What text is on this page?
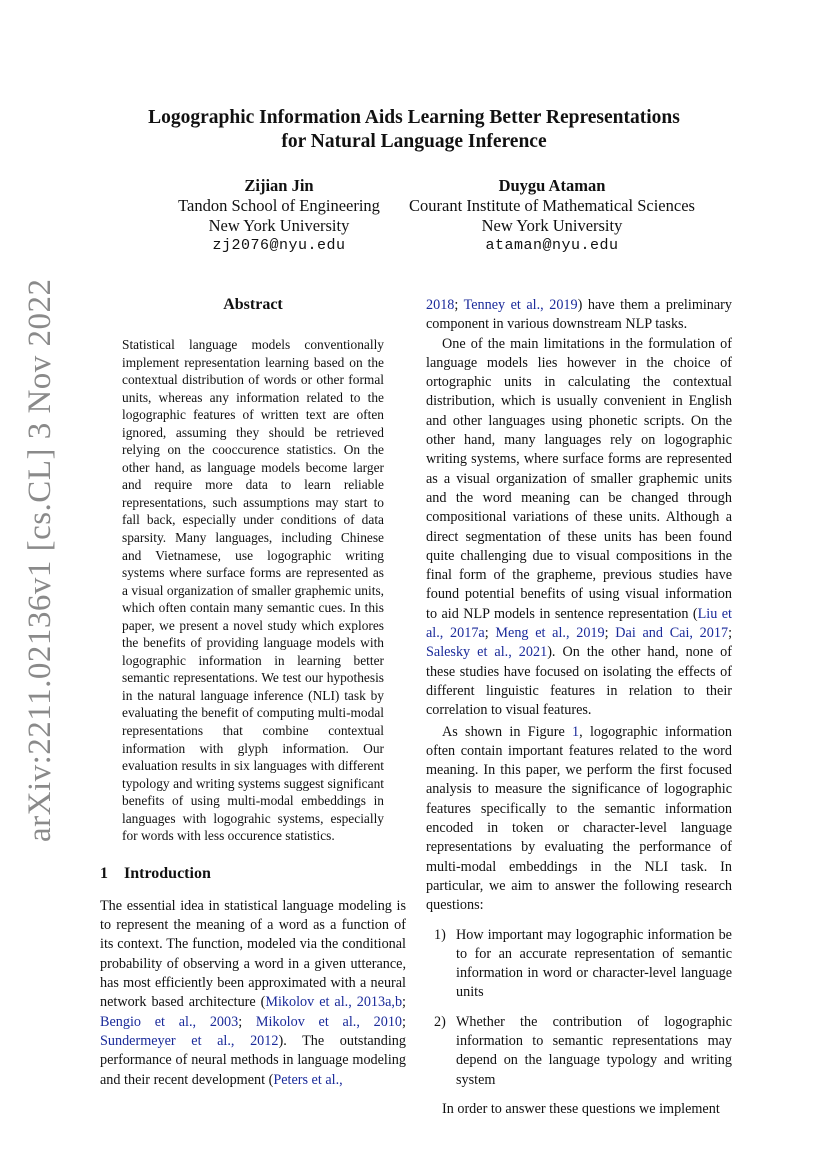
arXiv:2211.02136v1 [cs.CL] 3 Nov 2022
Logographic Information Aids Learning Better Representations
for Natural Language Inference
Zijian Jin
Tandon School of Engineering
New York University
zj2076@nyu.edu
Duygu Ataman
Courant Institute of Mathematical Sciences
New York University
ataman@nyu.edu
Abstract

Statistical language models conventionally implement representation learning based on the contextual distribution of words or other formal units, whereas any information related to the logographic features of written text are often ignored, assuming they should be retrieved relying on the cooccurence statistics. On the other hand, as language models become larger and require more data to learn reliable representations, such assumptions may start to fall back, especially under conditions of data sparsity. Many languages, including Chinese and Vietnamese, use logographic writing systems where surface forms are represented as a visual organization of smaller graphemic units, which often contain many semantic cues. In this paper, we present a novel study which explores the benefits of providing language models with logographic information in learning better semantic representations. We test our hypothesis in the natural language inference (NLI) task by evaluating the benefit of computing multi-modal representations that combine contextual information with glyph information. Our evaluation results in six languages with different typology and writing systems suggest significant benefits of using multi-modal embeddings in languages with logograhic systems, especially for words with less occurence statistics.

1 Introduction

The essential idea in statistical language modeling is to represent the meaning of a word as a function of its context. The function, modeled via the conditional probability of observing a word in a given utterance, has most efficiently been approximated with a neural network based architecture (Mikolov et al., 2013a,b; Bengio et al., 2003; Mikolov et al., 2010; Sundermeyer et al., 2012). The outstanding performance of neural methods in language modeling and their recent development (Peters et al.,

2018; Tenney et al., 2019) have them a preliminary component in various downstream NLP tasks.

One of the main limitations in the formulation of language models lies however in the choice of ortographic units in calculating the contextual distribution, which is usually convenient in English and other languages using phonetic scripts. On the other hand, many languages rely on logographic writing systems, where surface forms are represented as a visual organization of smaller graphemic units and the word meaning can be changed through compositional variations of these units. Although a direct segmentation of these units has been found quite challenging due to visual compositions in the final form of the grapheme, previous studies have found potential benefits of using visual information to aid NLP models in sentence representation (Liu et al., 2017a; Meng et al., 2019; Dai and Cai, 2017; Salesky et al., 2021). On the other hand, none of these studies have focused on isolating the effects of different linguistic features in relation to their correlation to visual features.

As shown in Figure 1, logographic information often contain important features related to the word meaning. In this paper, we perform the first focused analysis to measure the significance of logographic features specifically to the semantic information encoded in token or character-level language representations by evaluating the performance of multi-modal embeddings in the NLI task. In particular, we aim to answer the following research questions:

1) How important may logographic information be to for an accurate representation of semantic information in word or character-level language units
2) Whether the contribution of logographic information to semantic representations may depend on the language typology and writing system

In order to answer these questions we implement
